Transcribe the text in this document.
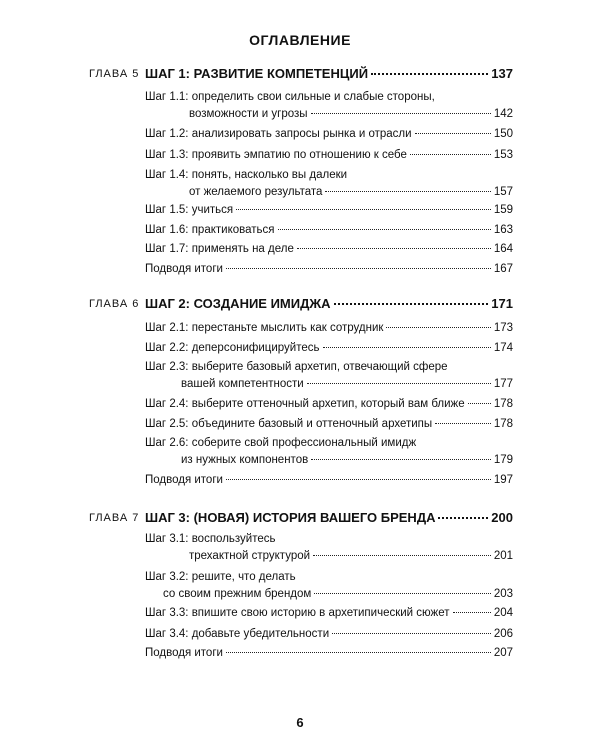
ОГЛАВЛЕНИЕ
ГЛАВА 5 ШАГ 1: РАЗВИТИЕ КОМПЕТЕНЦИЙ	137
Шаг 1.1: определить свои сильные и слабые стороны,
возможности и угрозы	142
Шаг 1.2: анализировать запросы рынка и отрасли	150
Шаг 1.3: проявить эмпатию по отношению к себе	153
Шаг 1.4: понять, насколько вы далеки
от желаемого результата	157
Шаг 1.5: учиться	159
Шаг 1.6: практиковаться	163
Шаг 1.7: применять на деле	164
Подводя итоги	167
ГЛАВА 6 ШАГ 2: СОЗДАНИЕ ИМИДЖА	171
Шаг 2.1: перестаньте мыслить как сотрудник	173
Шаг 2.2: деперсонифицируйтесь	174
Шаг 2.3: выберите базовый архетип, отвечающий сфере
вашей компетентности	177
Шаг 2.4: выберите оттеночный архетип, который вам ближе	178
Шаг 2.5: объедините базовый и оттеночный архетипы	178
Шаг 2.6: соберите свой профессиональный имидж
из нужных компонентов	179
Подводя итоги	197
ГЛАВА 7 ШАГ 3: (НОВАЯ) ИСТОРИЯ ВАШЕГО БРЕНДА	200
Шаг 3.1: воспользуйтесь
трехактной структурой	201
Шаг 3.2: решите, что делать
со своим прежним брендом	203
Шаг 3.3: впишите свою историю в архетипический сюжет	204
Шаг 3.4: добавьте убедительности	206
Подводя итоги	207
6
